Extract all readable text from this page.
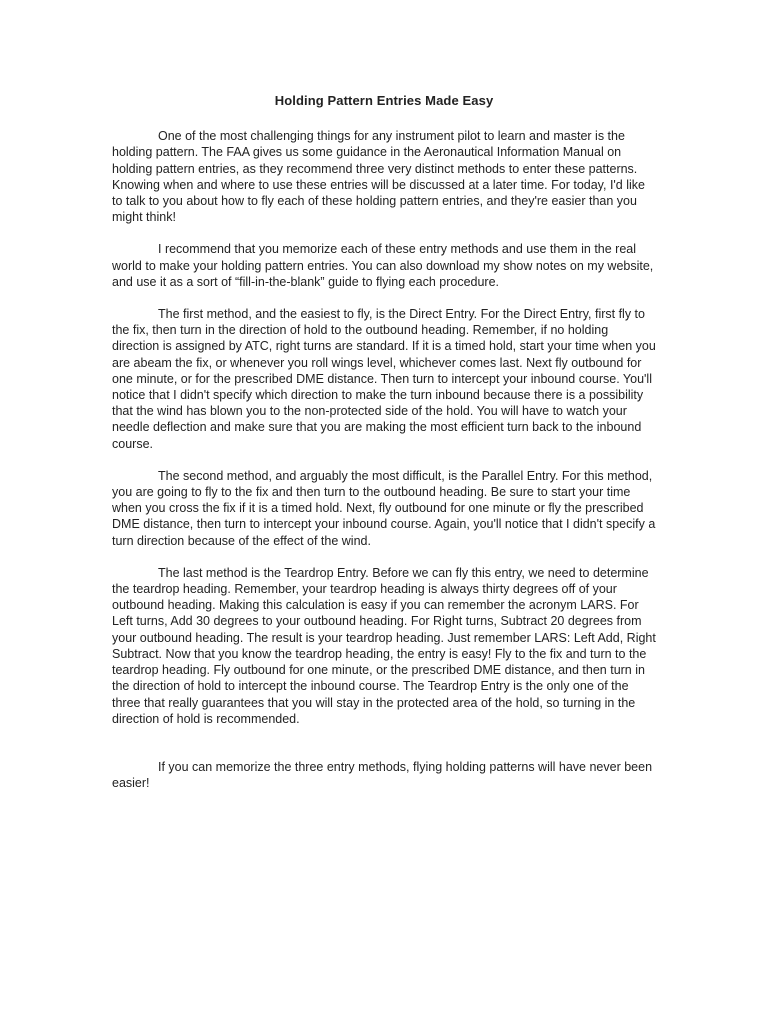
Holding Pattern Entries Made Easy

One of the most challenging things for any instrument pilot to learn and master is the holding pattern. The FAA gives us some guidance in the Aeronautical Information Manual on holding pattern entries, as they recommend three very distinct methods to enter these patterns. Knowing when and where to use these entries will be discussed at a later time. For today, I'd like to talk to you about how to fly each of these holding pattern entries, and they're easier than you might think!

I recommend that you memorize each of these entry methods and use them in the real world to make your holding pattern entries. You can also download my show notes on my website, and use it as a sort of “fill-in-the-blank” guide to flying each procedure.

The first method, and the easiest to fly, is the Direct Entry. For the Direct Entry, first fly to the fix, then turn in the direction of hold to the outbound heading. Remember, if no holding direction is assigned by ATC, right turns are standard. If it is a timed hold, start your time when you are abeam the fix, or whenever you roll wings level, whichever comes last. Next fly outbound for one minute, or for the prescribed DME distance. Then turn to intercept your inbound course. You'll notice that I didn't specify which direction to make the turn inbound because there is a possibility that the wind has blown you to the non-protected side of the hold. You will have to watch your needle deflection and make sure that you are making the most efficient turn back to the inbound course.

The second method, and arguably the most difficult, is the Parallel Entry. For this method, you are going to fly to the fix and then turn to the outbound heading. Be sure to start your time when you cross the fix if it is a timed hold. Next, fly outbound for one minute or fly the prescribed DME distance, then turn to intercept your inbound course. Again, you'll notice that I didn't specify a turn direction because of the effect of the wind.

The last method is the Teardrop Entry. Before we can fly this entry, we need to determine the teardrop heading. Remember, your teardrop heading is always thirty degrees off of your outbound heading. Making this calculation is easy if you can remember the acronym LARS. For Left turns, Add 30 degrees to your outbound heading. For Right turns, Subtract 20 degrees from your outbound heading. The result is your teardrop heading. Just remember LARS: Left Add, Right Subtract. Now that you know the teardrop heading, the entry is easy! Fly to the fix and turn to the teardrop heading. Fly outbound for one minute, or the prescribed DME distance, and then turn in the direction of hold to intercept the inbound course. The Teardrop Entry is the only one of the three that really guarantees that you will stay in the protected area of the hold, so turning in the direction of hold is recommended.

If you can memorize the three entry methods, flying holding patterns will have never been easier!
